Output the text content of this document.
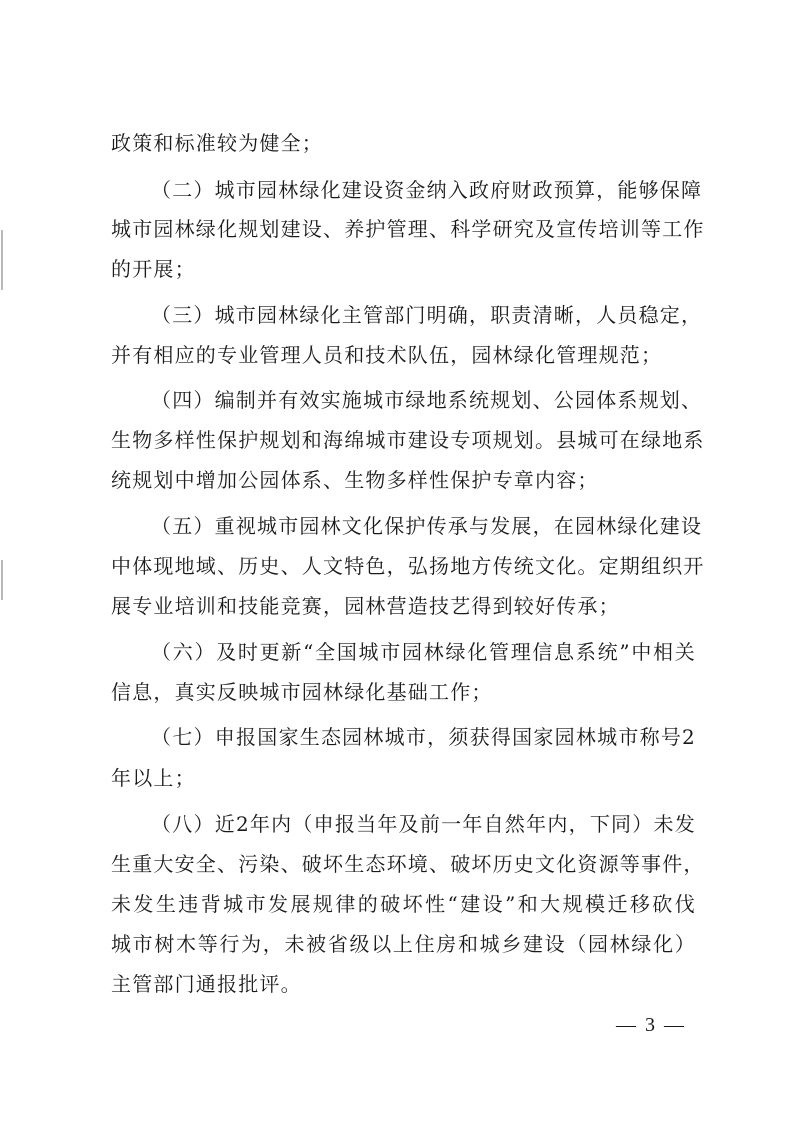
政策和标准较为健全；
（二）城市园林绿化建设资金纳入政府财政预算，能够保障
城市园林绿化规划建设、养护管理、科学研究及宣传培训等工作
的开展；
（三）城市园林绿化主管部门明确，职责清晰，人员稳定，
并有相应的专业管理人员和技术队伍，园林绿化管理规范；
（四）编制并有效实施城市绿地系统规划、公园体系规划、
生物多样性保护规划和海绵城市建设专项规划。县城可在绿地系
统规划中增加公园体系、生物多样性保护专章内容；
（五）重视城市园林文化保护传承与发展，在园林绿化建设
中体现地域、历史、人文特色，弘扬地方传统文化。定期组织开
展专业培训和技能竞赛，园林营造技艺得到较好传承；
（六）及时更新“全国城市园林绿化管理信息系统”中相关
信息，真实反映城市园林绿化基础工作；
（七）申报国家生态园林城市，须获得国家园林城市称号2
年以上；
（八）近2年内（申报当年及前一年自然年内，下同）未发
生重大安全、污染、破坏生态环境、破坏历史文化资源等事件，
未发生违背城市发展规律的破坏性“建设”和大规模迁移砍伐
城市树木等行为，未被省级以上住房和城乡建设（园林绿化）
主管部门通报批评。
— 3 —
